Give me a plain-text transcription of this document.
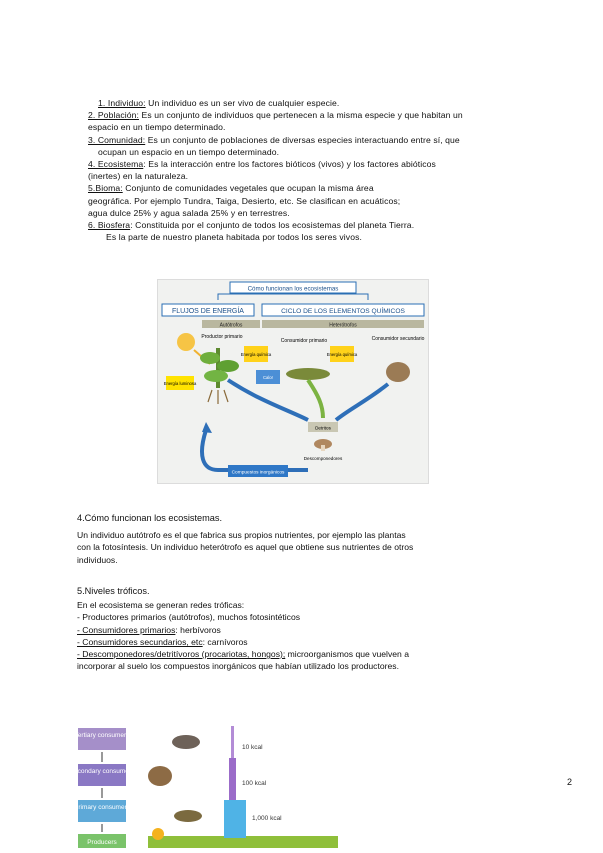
1. Individuo: Un individuo es un ser vivo de cualquier especie.

2. Población: Es un conjunto de individuos que pertenecen a la misma especie y que habitan un

espacio en un tiempo determinado.

3. Comunidad: Es un conjunto de poblaciones de diversas especies interactuando entre sí, que

ocupan un espacio en un tiempo determinado.

4. Ecosistema: Es la interacción entre los factores bióticos (vivos) y los factores abióticos

(inertes) en la naturaleza.

5.Bioma: Conjunto de comunidades vegetales que ocupan la misma área

geográfica. Por ejemplo Tundra, Taiga, Desierto, etc. Se clasifican en acuáticos;

agua dulce 25% y agua salada 25% y en terrestres.

6. Biosfera: Constituida por el conjunto de todos los ecosistemas del planeta Tierra.

Es la parte de nuestro planeta habitada por todos los seres vivos.

Cómo funcionan los ecosistemas
FLUJOS DE ENERGÍA	CICLO DE LOS ELEMENTOS QUÍMICOS
Autótrofos	Heterótrofos
Productor primario
Consumidor primario	Consumidor secundario
Energía luminosa
Energía química	Energía química
Calor
Detritos
Descomponedores
Compuestos inorgánicos

4.Cómo funcionan los ecosistemas.

Un individuo autótrofo es el que fabrica sus propios nutrientes, por ejemplo las plantas

con la fotosíntesis. Un individuo heterótrofo es aquel que obtiene sus nutrientes de otros

individuos.

5.Niveles tróficos.

En el ecosistema se generan redes tróficas:

- Productores primarios (autótrofos), muchos fotosintéticos

- Consumidores primarios: herbívoros

- Consumidores secundarios, etc: carnívoros

- Descomponedores/detritívoros (procariotas, hongos); microorganismos que vuelven a

incorporar al suelo los compuestos inorgánicos que habían utilizado los productores.

Tertiary consumers
Secondary consumers
Primary consumers
Producers
10 kcal
100 kcal
1,000 kcal
2
